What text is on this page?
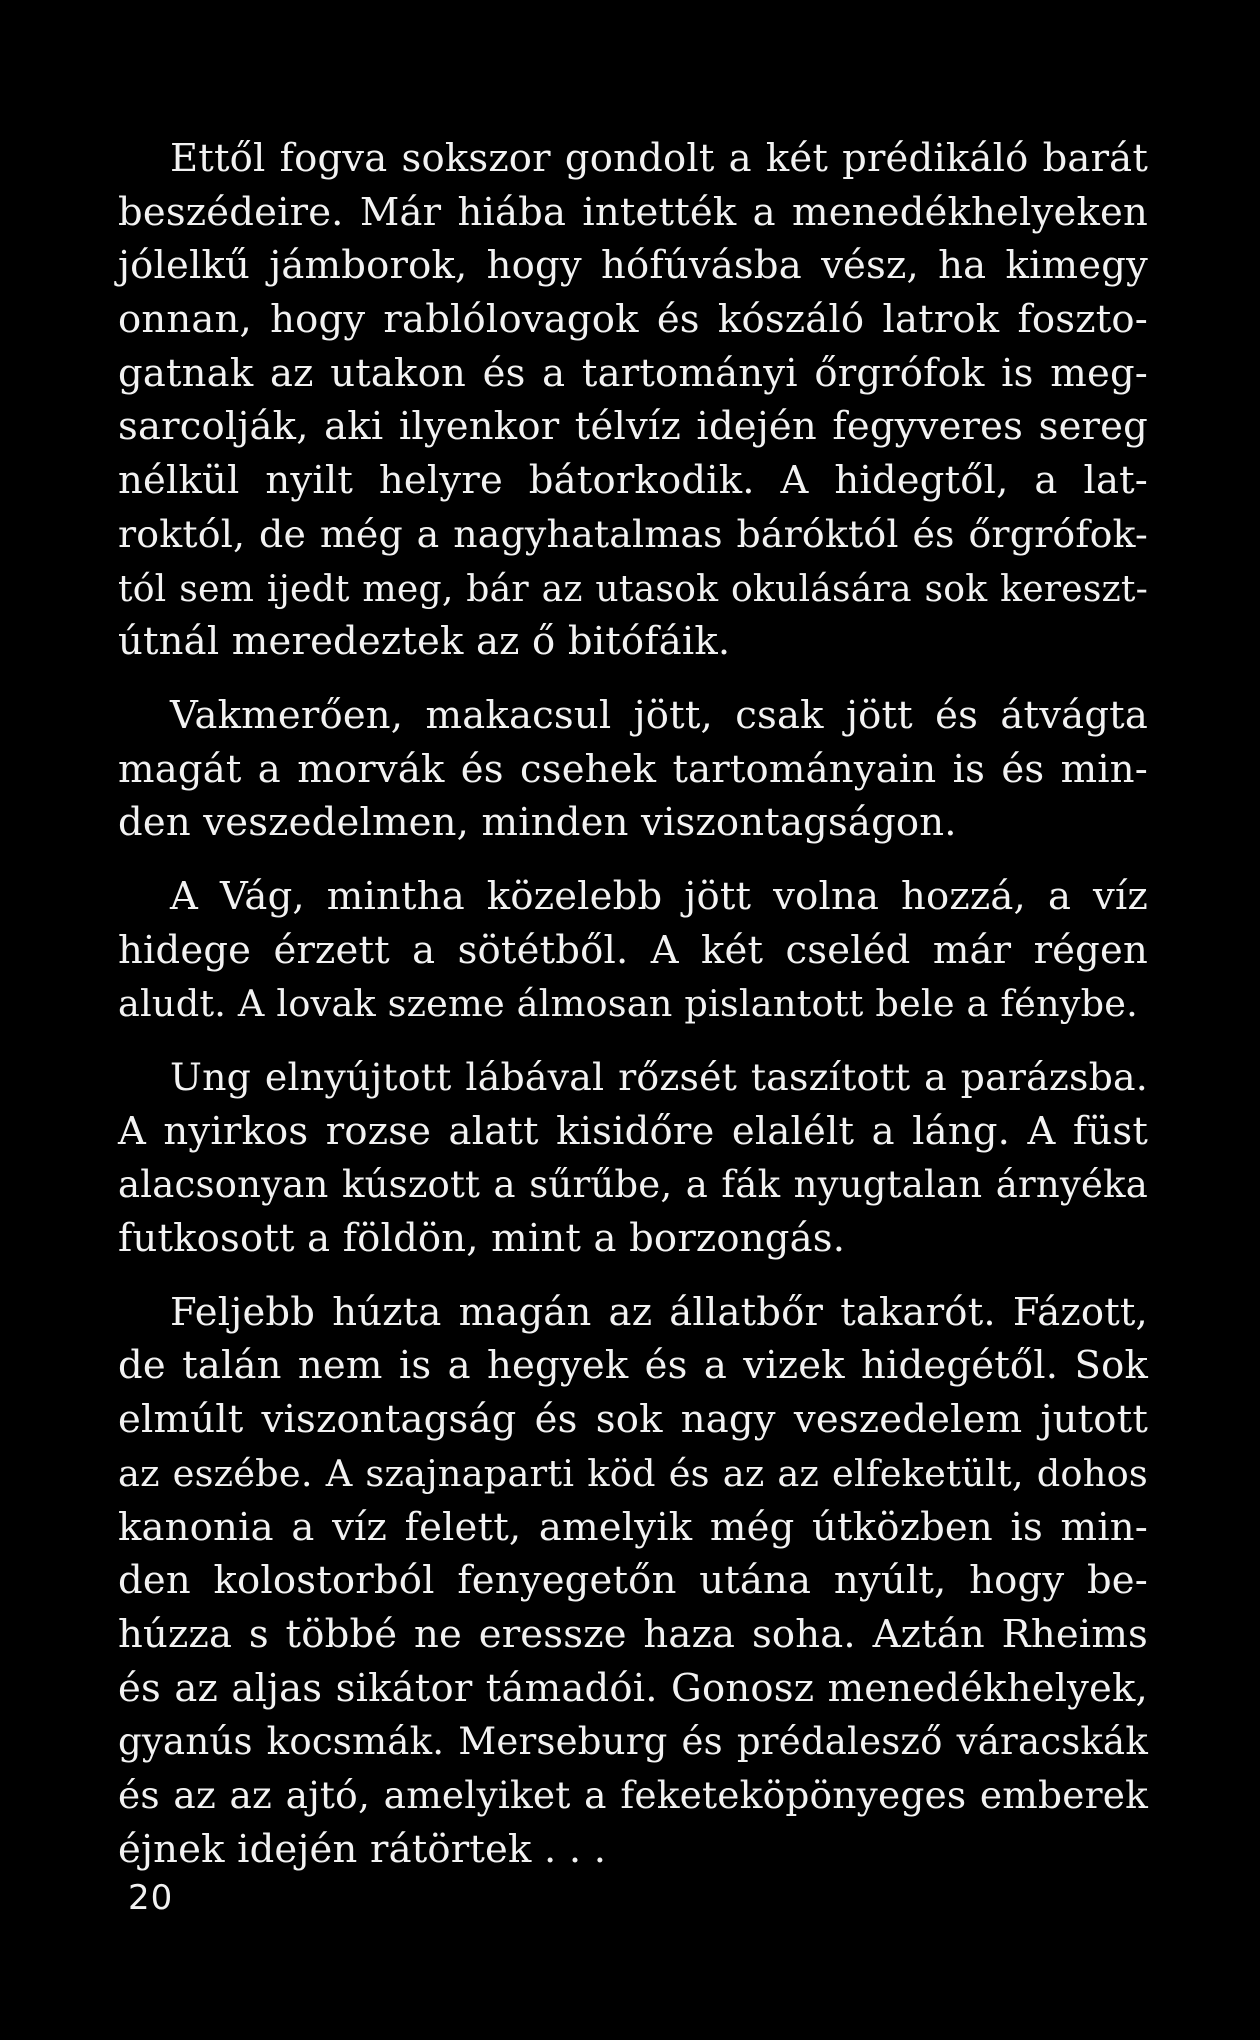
Ettől fogva sokszor gondolt a két prédikáló barát
beszédeire. Már hiába intették a menedékhelyeken
jólelkű jámborok, hogy hófúvásba vész, ha kimegy
onnan, hogy rablólovagok és kószáló latrok foszto-
gatnak az utakon és a tartományi őrgrófok is meg-
sarcolják, aki ilyenkor télvíz idején fegyveres sereg
nélkül nyilt helyre bátorkodik. A hidegtől, a lat-
roktól, de még a nagyhatalmas báróktól és őrgrófok-
tól sem ijedt meg, bár az utasok okulására sok kereszt-
útnál meredeztek az ő bitófáik.
Vakmerően, makacsul jött, csak jött és átvágta
magát a morvák és csehek tartományain is és min-
den veszedelmen, minden viszontagságon.
A Vág, mintha közelebb jött volna hozzá, a víz
hidege érzett a sötétből. A két cseléd már régen
aludt. A lovak szeme álmosan pislantott bele a fénybe.
Ung elnyújtott lábával rőzsét taszított a parázsba.
A nyirkos rozse alatt kisidőre elalélt a láng. A füst
alacsonyan kúszott a sűrűbe, a fák nyugtalan árnyéka
futkosott a földön, mint a borzongás.
Feljebb húzta magán az állatbőr takarót. Fázott,
de talán nem is a hegyek és a vizek hidegétől. Sok
elmúlt viszontagság és sok nagy veszedelem jutott
az eszébe. A szajnaparti köd és az az elfeketült, dohos
kanonia a víz felett, amelyik még útközben is min-
den kolostorból fenyegetőn utána nyúlt, hogy be-
húzza s többé ne eressze haza soha. Aztán Rheims
és az aljas sikátor támadói. Gonosz menedékhelyek,
gyanús kocsmák. Merseburg és prédalesző váracskák
és az az ajtó, amelyiket a feketeköpönyeges emberek
éjnek idején rátörtek . . .
20
